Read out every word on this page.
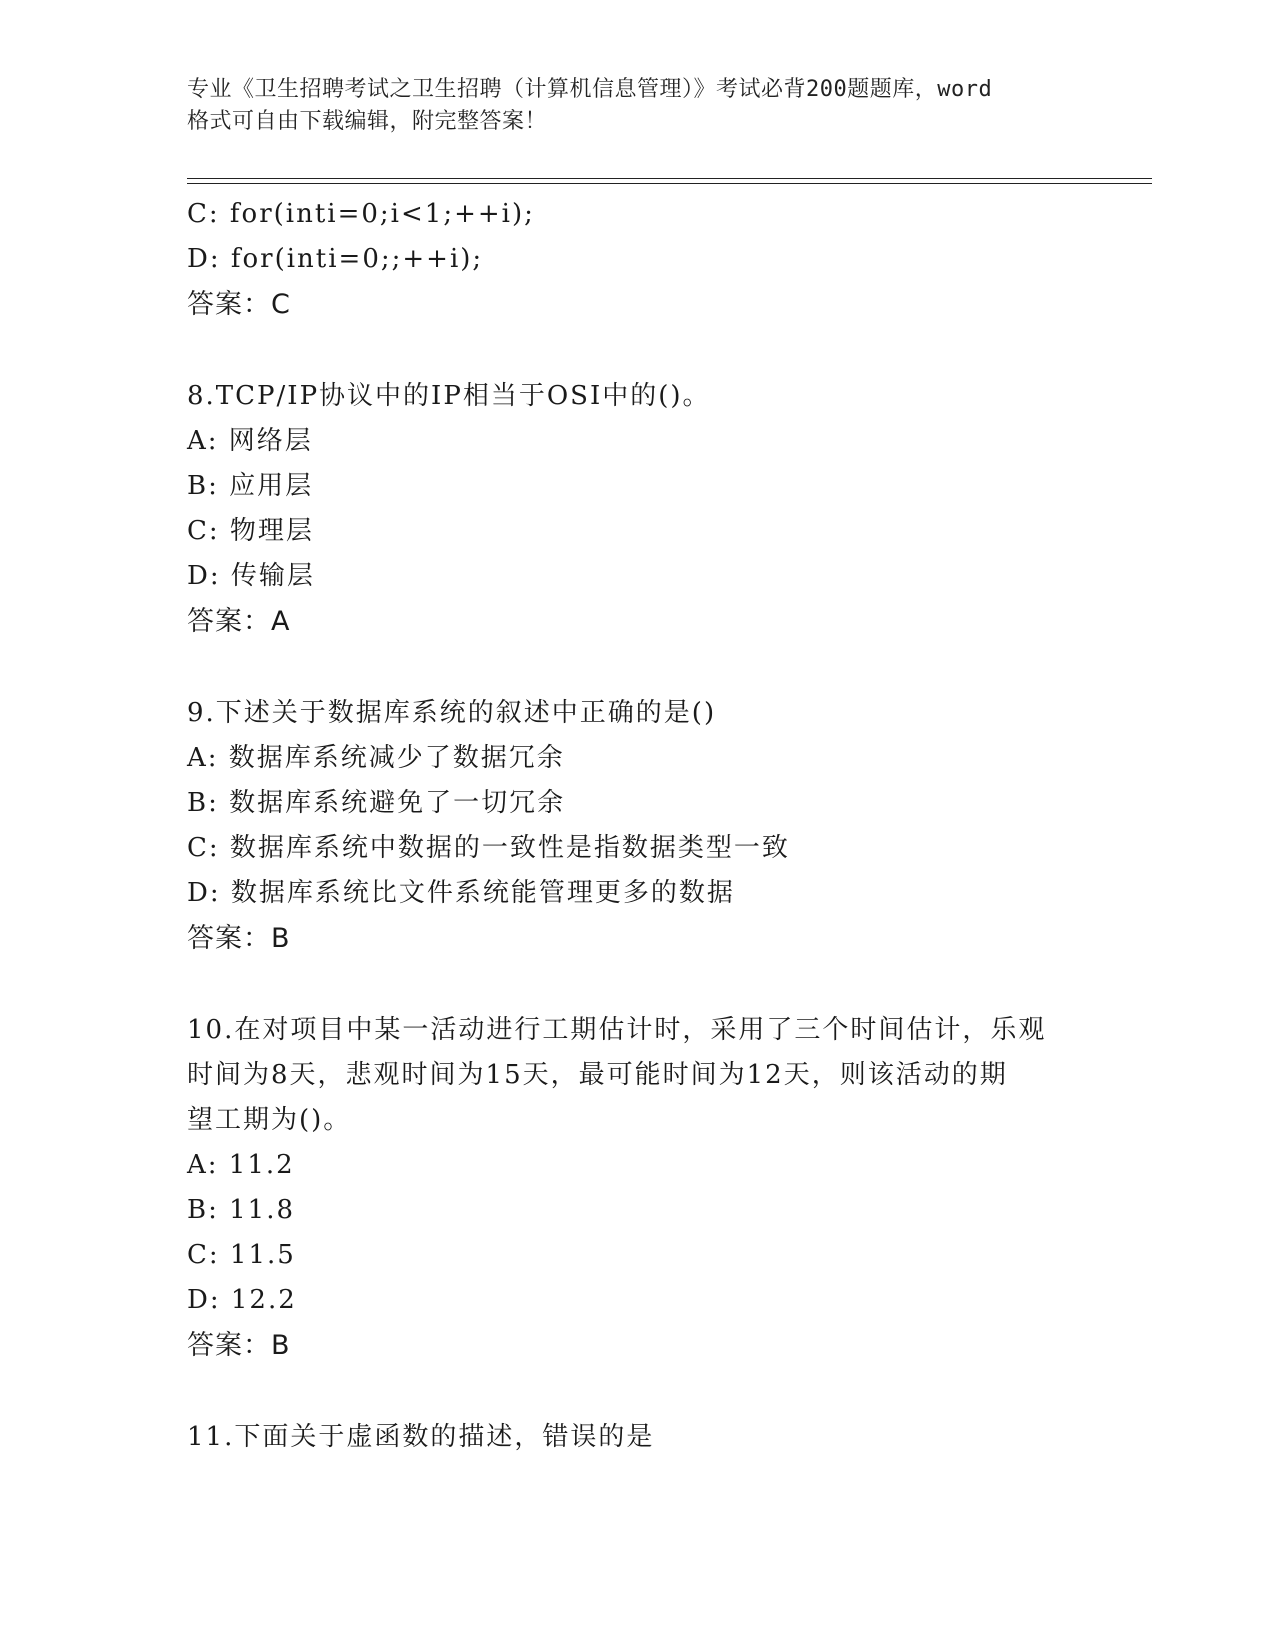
专业《卫生招聘考试之卫生招聘（计算机信息管理）》考试必背200题题库，word
格式可自由下载编辑，附完整答案！
C: for(inti=0;i<1;++i);
D: for(inti=0;;++i);
答案：C
8.TCP/IP协议中的IP相当于OSI中的()。
A: 网络层
B: 应用层
C: 物理层
D: 传输层
答案：A
9.下述关于数据库系统的叙述中正确的是()
A: 数据库系统减少了数据冗余
B: 数据库系统避免了一切冗余
C: 数据库系统中数据的一致性是指数据类型一致
D: 数据库系统比文件系统能管理更多的数据
答案：B
10.在对项目中某一活动进行工期估计时，采用了三个时间估计，乐观
时间为8天，悲观时间为15天，最可能时间为12天，则该活动的期
望工期为()。
A: 11.2
B: 11.8
C: 11.5
D: 12.2
答案：B
11.下面关于虚函数的描述，错误的是
